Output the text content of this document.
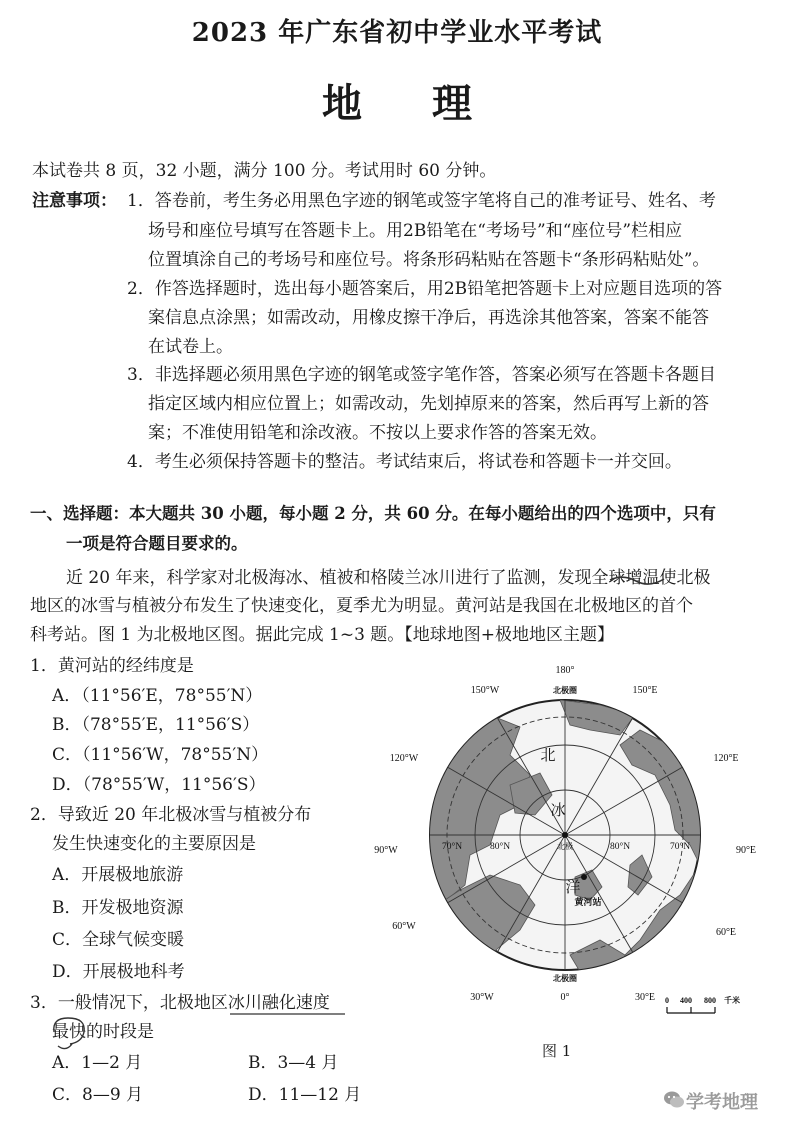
2023 年广东省初中学业水平考试
地 理
本试卷共 8 页，32 小题，满分 100 分。考试用时 60 分钟。
注意事项： 1．答卷前，考生务必用黑色字迹的钢笔或签字笔将自己的准考证号、姓名、考
场号和座位号填写在答题卡上。用2B铅笔在“考场号”和“座位号”栏相应
位置填涂自己的考场号和座位号。将条形码粘贴在答题卡“条形码粘贴处”。
2．作答选择题时，选出每小题答案后，用2B铅笔把答题卡上对应题目选项的答
案信息点涂黑；如需改动，用橡皮擦干净后，再选涂其他答案，答案不能答
在试卷上。
3．非选择题必须用黑色字迹的钢笔或签字笔作答，答案必须写在答题卡各题目
指定区域内相应位置上；如需改动，先划掉原来的答案，然后再写上新的答
案；不准使用铅笔和涂改液。不按以上要求作答的答案无效。
4．考生必须保持答题卡的整洁。考试结束后，将试卷和答题卡一并交回。
一、选择题：本大题共 30 小题，每小题 2 分，共 60 分。在每小题给出的四个选项中，只有
一项是符合题目要求的。
近 20 年来，科学家对北极海冰、植被和格陵兰冰川进行了监测，发现全球增温使北极
地区的冰雪与植被分布发生了快速变化，夏季尤为明显。黄河站是我国在北极地区的首个
科考站。图 1 为北极地区图。据此完成 1~3 题。【地球地图+极地地区主题】
1．黄河站的经纬度是
A．（11°56′E，78°55′N）
B．（78°55′E，11°56′S）
C．（11°56′W，78°55′N）
D．（78°55′W，11°56′S）
2．导致近 20 年北极冰雪与植被分布
发生快速变化的主要原因是
A．开展极地旅游
B．开发极地资源
C．全球气候变暖
D．开展极地科考
3．一般情况下，北极地区冰川融化速度
最快的时段是
A．1—2 月	B．3—4 月
C．8—9 月	D．11—12 月
180°
0°
150°W	150°E
120°W	120°E
90°W	90°E
60°W
60°E
30°W	30°E
70°N	80°N	80°N	70°N
北极圈
北极圈
北极
北
冰
洋
黄河站
0 400 800 千米
图 1
学考地理
